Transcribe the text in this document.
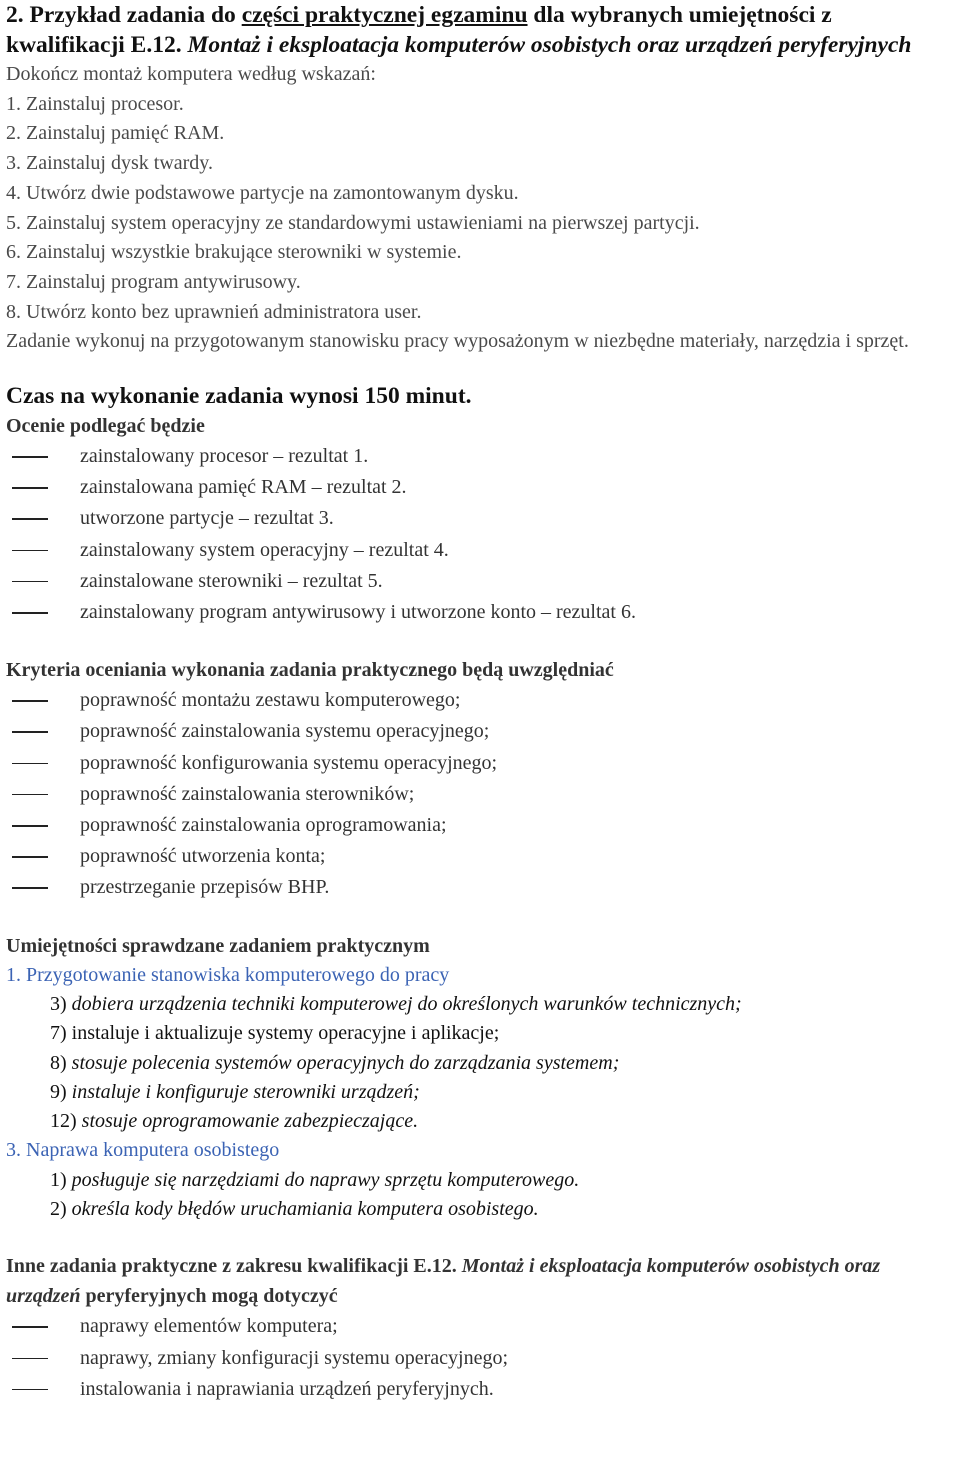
2. Przykład zadania do części praktycznej egzaminu dla wybranych umiejętności z kwalifikacji E.12. Montaż i eksploatacja komputerów osobistych oraz urządzeń peryferyjnych

Dokończ montaż komputera według wskazań:
1. Zainstaluj procesor.
2. Zainstaluj pamięć RAM.
3. Zainstaluj dysk twardy.
4. Utwórz dwie podstawowe partycje na zamontowanym dysku.
5. Zainstaluj system operacyjny ze standardowymi ustawieniami na pierwszej partycji.
6. Zainstaluj wszystkie brakujące sterowniki w systemie.
7. Zainstaluj program antywirusowy.
8. Utwórz konto bez uprawnień administratora user.
Zadanie wykonuj na przygotowanym stanowisku pracy wyposażonym w niezbędne materiały, narzędzia i sprzęt.
Czas na wykonanie zadania wynosi 150 minut.
Ocenie podlegać będzie
zainstalowany procesor – rezultat 1.
zainstalowana pamięć RAM – rezultat 2.
utworzone partycje – rezultat 3.
zainstalowany system operacyjny – rezultat 4.
zainstalowane sterowniki – rezultat 5.
zainstalowany program antywirusowy i utworzone konto – rezultat 6.
Kryteria oceniania wykonania zadania praktycznego będą uwzględniać
poprawność montażu zestawu komputerowego;
poprawność zainstalowania systemu operacyjnego;
poprawność konfigurowania systemu operacyjnego;
poprawność zainstalowania sterowników;
poprawność zainstalowania oprogramowania;
poprawność utworzenia konta;
przestrzeganie przepisów BHP.
Umiejętności sprawdzane zadaniem praktycznym
1. Przygotowanie stanowiska komputerowego do pracy
3) dobiera urządzenia techniki komputerowej do określonych warunków technicznych;
7) instaluje i aktualizuje systemy operacyjne i aplikacje;
8) stosuje polecenia systemów operacyjnych do zarządzania systemem;
9) instaluje i konfiguruje sterowniki urządzeń;
12) stosuje oprogramowanie zabezpieczające.
3. Naprawa komputera osobistego
1) posługuje się narzędziami do naprawy sprzętu komputerowego.
2) określa kody błędów uruchamiania komputera osobistego.
Inne zadania praktyczne z zakresu kwalifikacji E.12. Montaż i eksploatacja komputerów osobistych oraz urządzeń peryferyjnych mogą dotyczyć
naprawy elementów komputera;
naprawy, zmiany konfiguracji systemu operacyjnego;
instalowania i naprawiania urządzeń peryferyjnych.
